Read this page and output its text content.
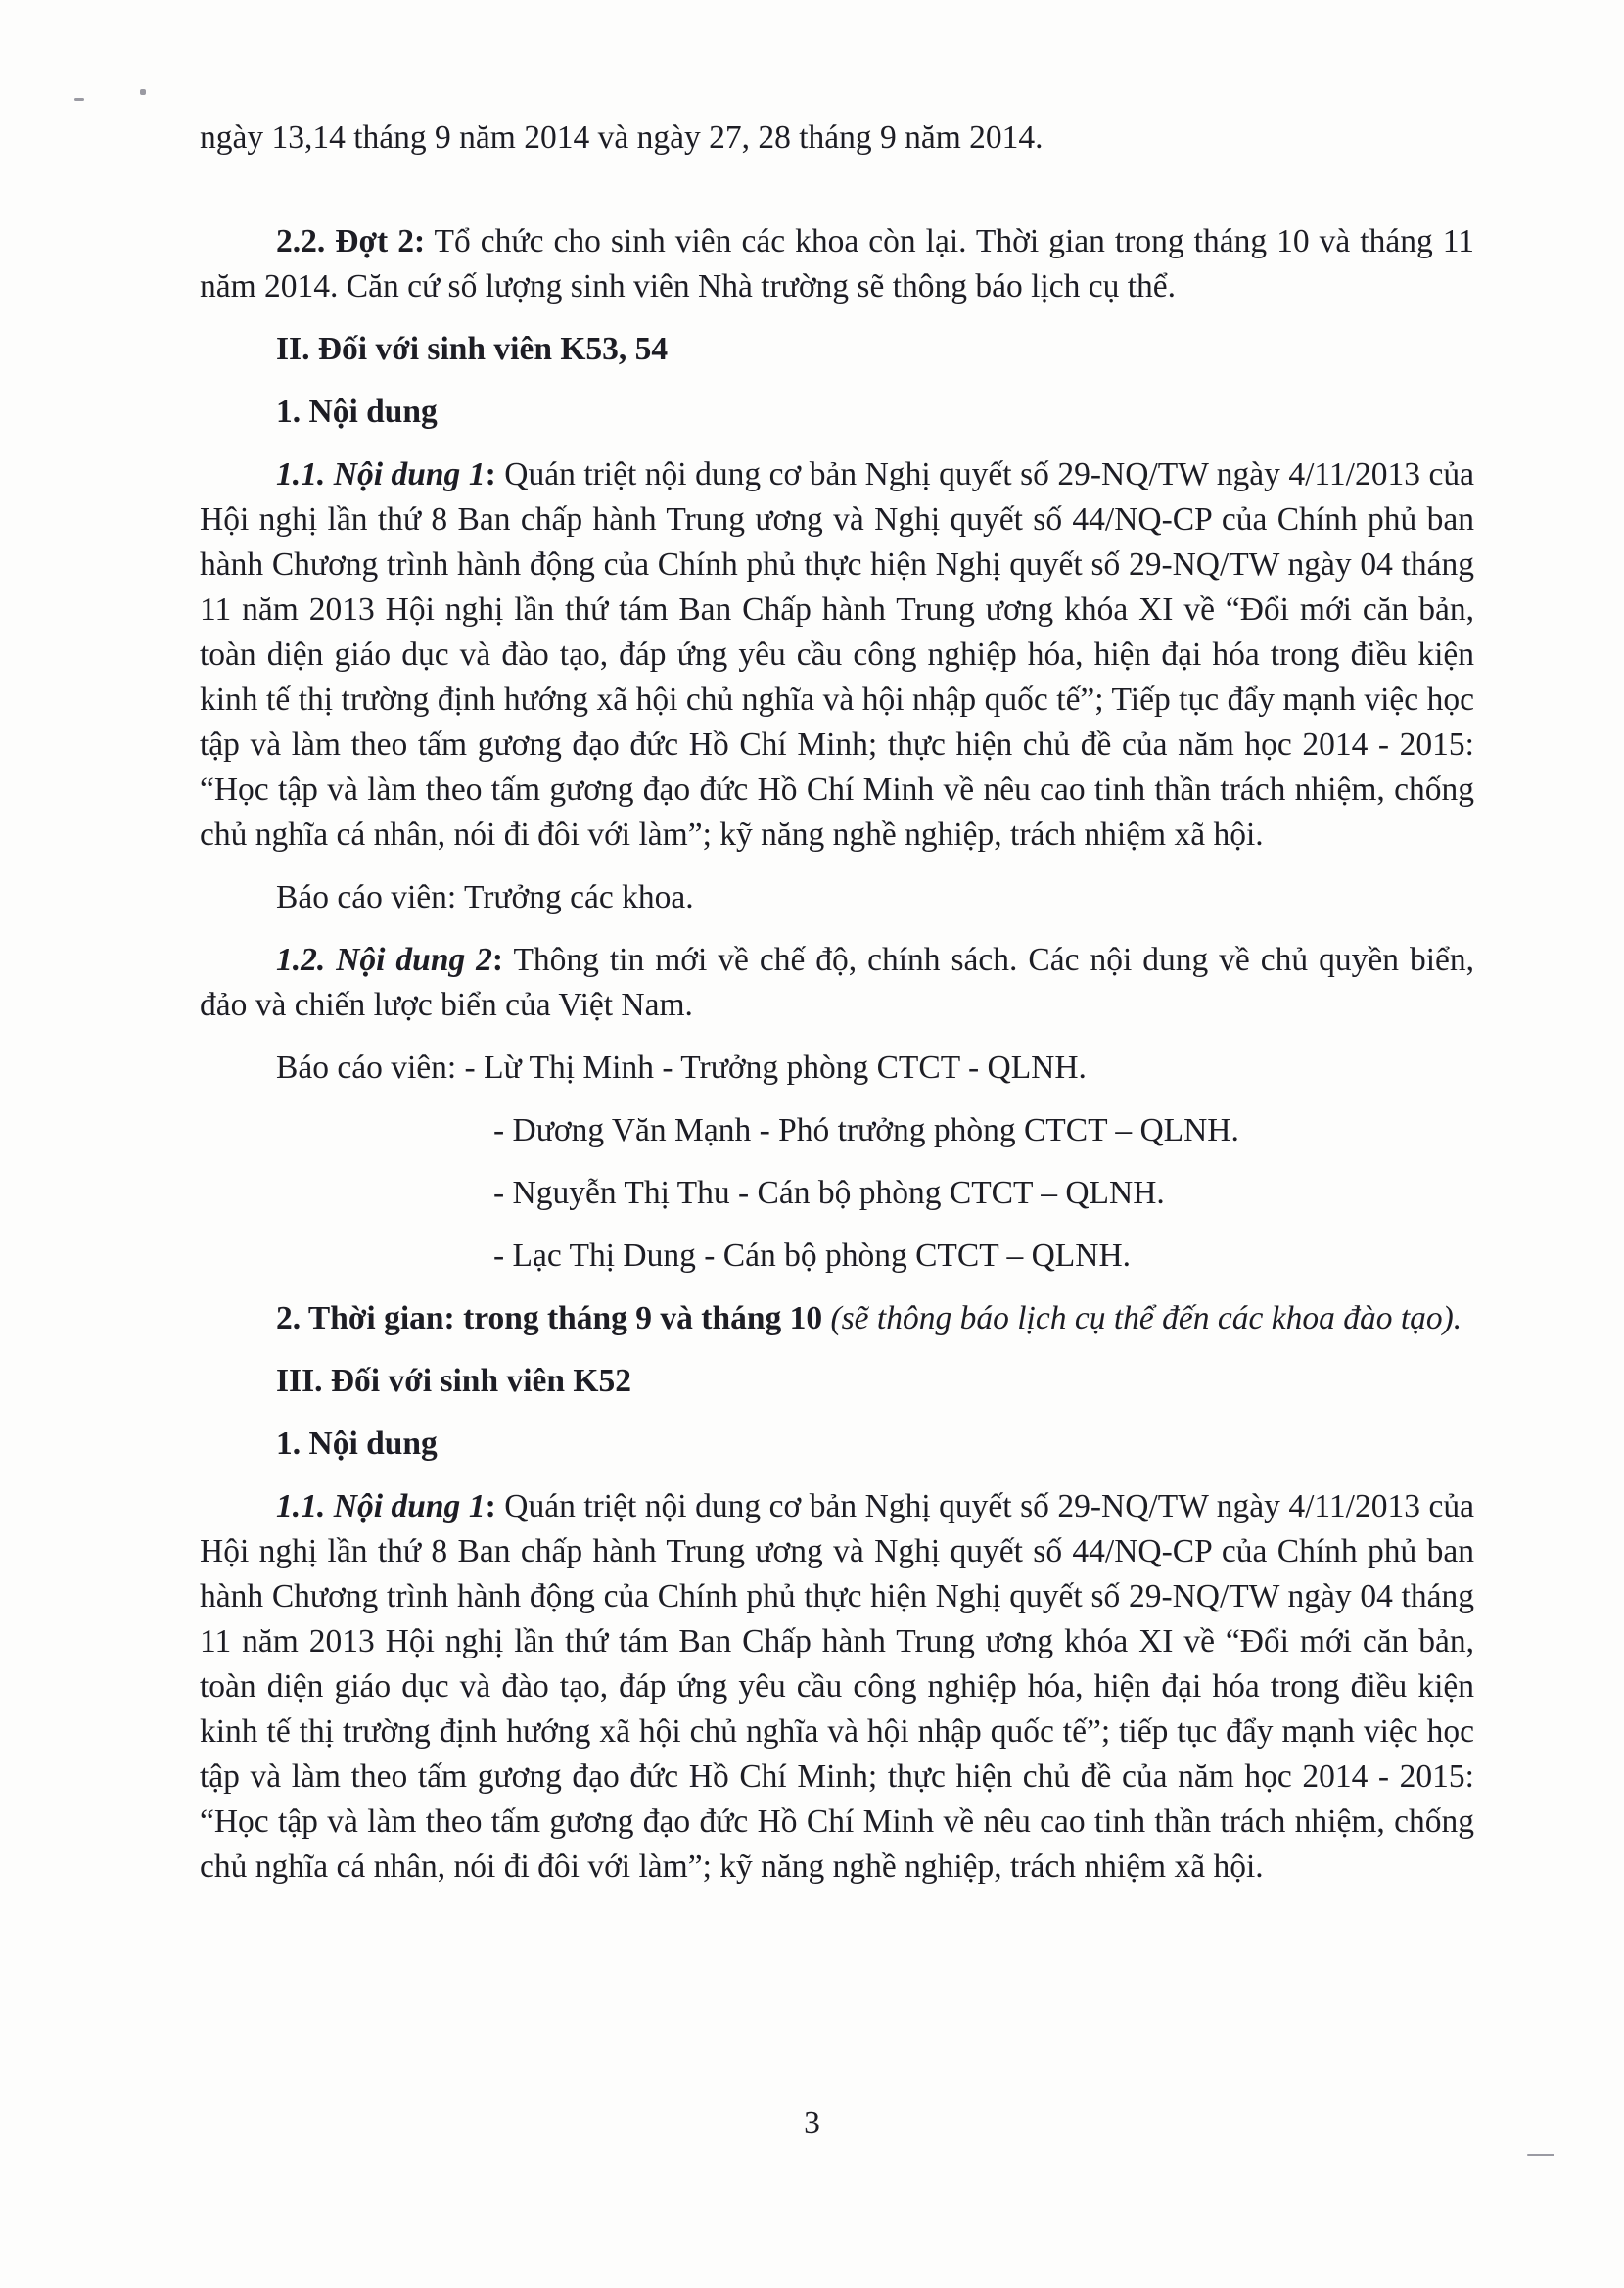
ngày 13,14 tháng 9 năm 2014 và ngày 27, 28 tháng 9 năm 2014.

2.2. Đợt 2: Tổ chức cho sinh viên các khoa còn lại. Thời gian trong tháng 10 và tháng 11 năm 2014. Căn cứ số lượng sinh viên Nhà trường sẽ thông báo lịch cụ thể.

II. Đối với sinh viên K53, 54

1. Nội dung

1.1. Nội dung 1: Quán triệt nội dung cơ bản Nghị quyết số 29-NQ/TW ngày 4/11/2013 của Hội nghị lần thứ 8 Ban chấp hành Trung ương và Nghị quyết số 44/NQ-CP của Chính phủ ban hành Chương trình hành động của Chính phủ thực hiện Nghị quyết số 29-NQ/TW ngày 04 tháng 11 năm 2013 Hội nghị lần thứ tám Ban Chấp hành Trung ương khóa XI về “Đổi mới căn bản, toàn diện giáo dục và đào tạo, đáp ứng yêu cầu công nghiệp hóa, hiện đại hóa trong điều kiện kinh tế thị trường định hướng xã hội chủ nghĩa và hội nhập quốc tế”; Tiếp tục đẩy mạnh việc học tập và làm theo tấm gương đạo đức Hồ Chí Minh; thực hiện chủ đề của năm học 2014 - 2015: “Học tập và làm theo tấm gương đạo đức Hồ Chí Minh về nêu cao tinh thần trách nhiệm, chống chủ nghĩa cá nhân, nói đi đôi với làm”; kỹ năng nghề nghiệp, trách nhiệm xã hội.

Báo cáo viên: Trưởng các khoa.

1.2. Nội dung 2: Thông tin mới về chế độ, chính sách. Các nội dung về chủ quyền biển, đảo và chiến lược biển của Việt Nam.

Báo cáo viên: - Lừ Thị Minh - Trưởng phòng CTCT - QLNH.

- Dương Văn Mạnh - Phó trưởng phòng CTCT – QLNH.

- Nguyễn Thị Thu - Cán bộ phòng CTCT – QLNH.

- Lạc Thị Dung - Cán bộ phòng CTCT – QLNH.

2. Thời gian: trong tháng 9 và tháng 10 (sẽ thông báo lịch cụ thể đến các khoa đào tạo).

III. Đối với sinh viên K52

1. Nội dung

1.1. Nội dung 1: Quán triệt nội dung cơ bản Nghị quyết số 29-NQ/TW ngày 4/11/2013 của Hội nghị lần thứ 8 Ban chấp hành Trung ương và Nghị quyết số 44/NQ-CP của Chính phủ ban hành Chương trình hành động của Chính phủ thực hiện Nghị quyết số 29-NQ/TW ngày 04 tháng 11 năm 2013 Hội nghị lần thứ tám Ban Chấp hành Trung ương khóa XI về “Đổi mới căn bản, toàn diện giáo dục và đào tạo, đáp ứng yêu cầu công nghiệp hóa, hiện đại hóa trong điều kiện kinh tế thị trường định hướng xã hội chủ nghĩa và hội nhập quốc tế”; tiếp tục đẩy mạnh việc học tập và làm theo tấm gương đạo đức Hồ Chí Minh; thực hiện chủ đề của năm học 2014 - 2015: “Học tập và làm theo tấm gương đạo đức Hồ Chí Minh về nêu cao tinh thần trách nhiệm, chống chủ nghĩa cá nhân, nói đi đôi với làm”; kỹ năng nghề nghiệp, trách nhiệm xã hội.

3
